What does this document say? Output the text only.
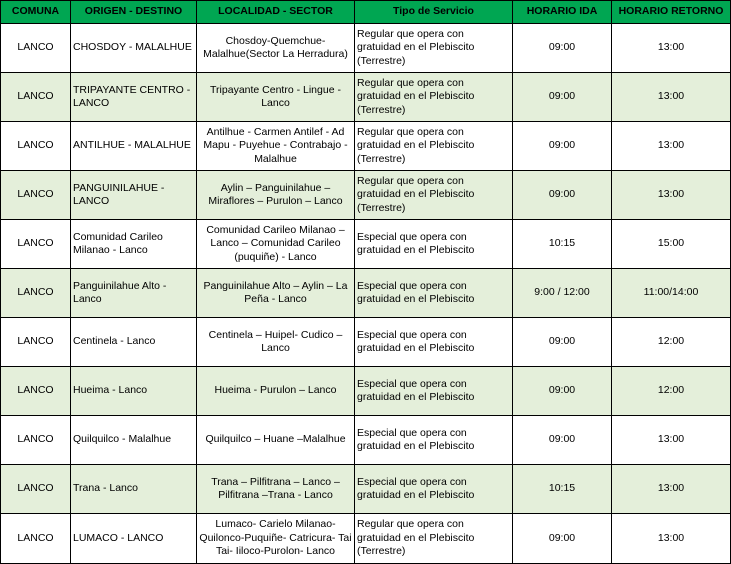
COMUNA	ORIGEN - DESTINO	LOCALIDAD - SECTOR	Tipo de Servicio	HORARIO IDA	HORARIO RETORNO
LANCO	CHOSDOY - MALALHUE	Chosdoy-Quemchue-Malalhue(Sector La Herradura)	Regular que opera con gratuidad en el Plebiscito (Terrestre)	09:00	13:00
LANCO	TRIPAYANTE CENTRO - LANCO	Tripayante Centro - Lingue - Lanco	Regular que opera con gratuidad en el Plebiscito (Terrestre)	09:00	13:00
LANCO	ANTILHUE - MALALHUE	Antilhue - Carmen Antilef - Ad Mapu - Puyehue - Contrabajo - Malalhue	Regular que opera con gratuidad en el Plebiscito (Terrestre)	09:00	13:00
LANCO	PANGUINILAHUE - LANCO	Aylin – Panguinilahue – Miraflores – Purulon – Lanco	Regular que opera con gratuidad en el Plebiscito (Terrestre)	09:00	13:00
LANCO	Comunidad Carileo Milanao - Lanco	Comunidad Carileo Milanao – Lanco – Comunidad Carileo (puquiñe) - Lanco	Especial que opera con gratuidad en el Plebiscito	10:15	15:00
LANCO	Panguinilahue Alto - Lanco	Panguinilahue Alto – Aylin – La Peña - Lanco	Especial que opera con gratuidad en el Plebiscito	9:00 / 12:00	11:00/14:00
LANCO	Centinela - Lanco	Centinela – Huipel- Cudico – Lanco	Especial que opera con gratuidad en el Plebiscito	09:00	12:00
LANCO	Hueima - Lanco	Hueima - Purulon – Lanco	Especial que opera con gratuidad en el Plebiscito	09:00	12:00
LANCO	Quilquilco - Malalhue	Quilquilco – Huane –Malalhue	Especial que opera con gratuidad en el Plebiscito	09:00	13:00
LANCO	Trana - Lanco	Trana – Pilfitrana – Lanco – Pilfitrana –Trana - Lanco	Especial que opera con gratuidad en el Plebiscito	10:15	13:00
LANCO	LUMACO - LANCO	Lumaco- Carielo Milanao- Quilonco-Puquiñe- Catricura- Tai Tai- Iiloco-Purolon- Lanco	Regular que opera con gratuidad en el Plebiscito (Terrestre)	09:00	13:00
